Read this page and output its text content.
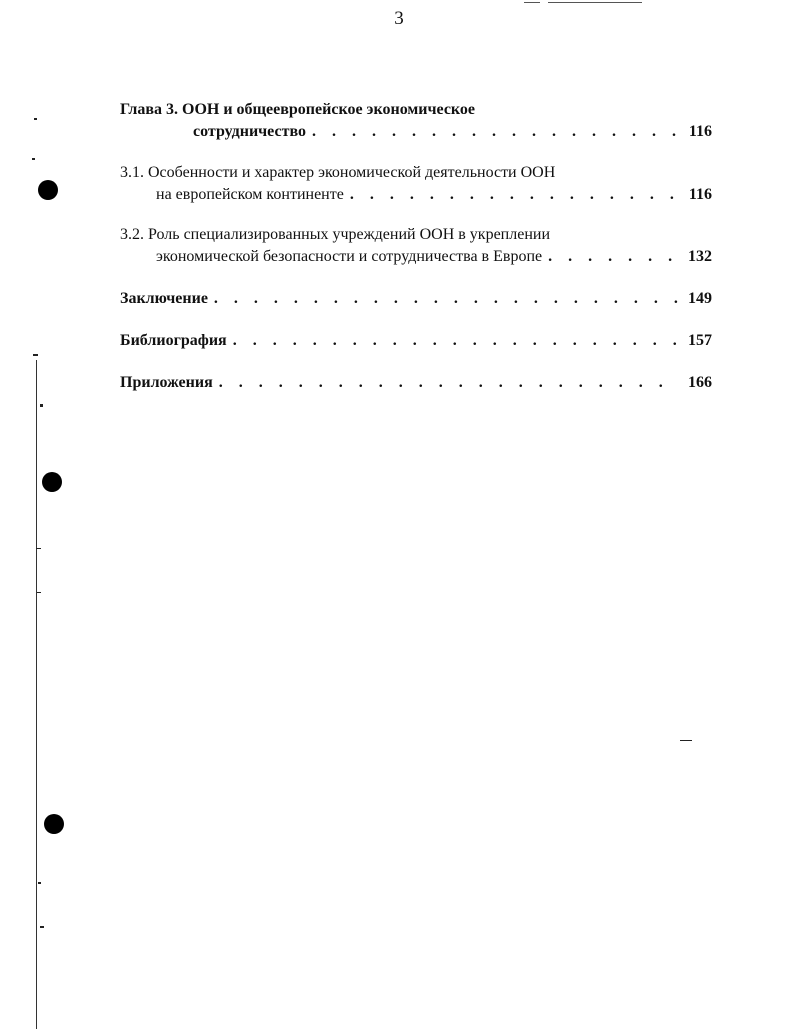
3
Глава 3. ООН и общеевропейское экономическое
сотрудничество . . .	116
3.1. Особенности и характер экономической деятельности ООН
на европейском континенте . . .	116
3.2. Роль специализированных учреждений ООН в укреплении
экономической безопасности и сотрудничества в Европе . . .	132
Заключение . . .	149
Библиография . . .	157
Приложения . . .	166
